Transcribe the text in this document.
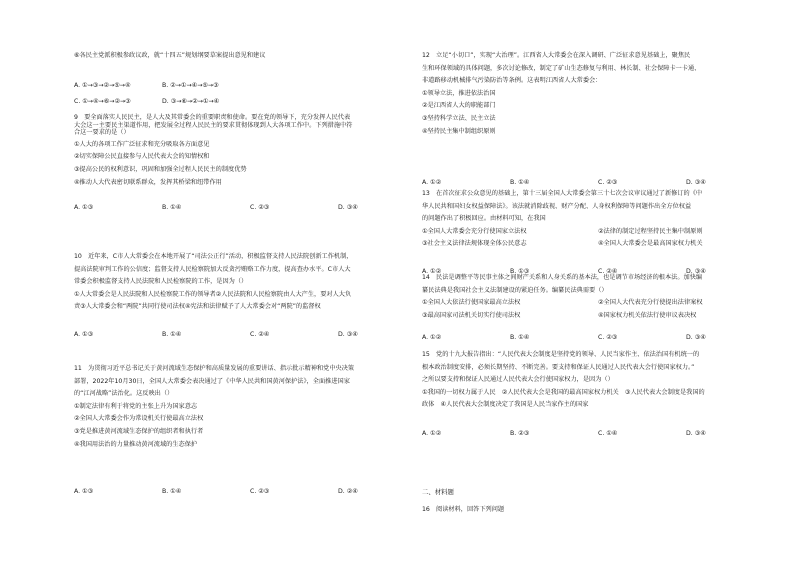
⑥各民主党派积极参政议政，就“十四五”规划纲要草案提出意见和建议
A. ①→③→②→⑤→④	B. ②→①→④→⑤→③
C. ①→④→⑥→②→③	D. ③→⑥→②→①→④
9　要全面落实人民民主，是人大及其常委会的重要职责和使命。要在党的领导下，充分发挥人民代表
大会这一主要民主渠道作用，把发展全过程人民民主的要求贯彻体现到人大各项工作中。下列措施中符
合这一要求的是（）
①人大的各项工作广泛征求和充分吸取各方面意见
②切实保障公民直接参与人民代表大会的知情权和
③提高公民的权利意识，巩固和加强全过程人民民主的制度优势
④推动人大代表密切联系群众，发挥其桥梁和纽带作用
A. ①③	B. ①④	C. ②③	D. ③④
10　近年来，C市人大常委会在本地开展了“司法公正行”活动，积极监督支持人民法院创新工作机制，
提高法院审判工作的公信度；监督支持人民检察院加大反贪污贿赂工作力度，提高查办水平。C市人大
常委会积极监督支持人民法院和人民检察院的工作，是因为（）
①人大常委会是人民法院和人民检察院工作的领导者②人民法院和人民检察院由人大产生，要对人大负
责③人大常委会和“两院”共同行使司法权④宪法和法律赋予了人大常委会对“两院”的监督权
A. ①③	B. ①④	C. ②④	D. ③④
11　为贯彻习近平总书记关于黄河流域生态保护和高质量发展的重要讲话、指示批示精神和党中央决策
部署，2022年10月30日，全国人大常委会表决通过了《中华人民共和国黄河保护法》，全面推进国家
的“江河战略”法治化。这反映出（）
①制定法律有利于将党的主张上升为国家意志
②全国人大常委会作为常设机关行使最高立法权
③党是推进黄河流域生态保护的组织者和执行者
④我国用法治的力量推动黄河流域的生态保护
A. ①③	B. ①④	C. ②③	D. ②④
12　立足“小切口”，实现“大治理”。江西省人大常委会在深入调研、广泛征求意见基础上，聚焦民
生和环保领域的具体问题，多次讨论修改，制定了矿山生态修复与利用、林长制、社会保障卡一卡通、
非道路移动机械排气污染防治等条例。这表明江西省人大常委会：
①领导立法，推进依法治国
②是江西省人大的职能部门
③坚持科学立法、民主立法
④坚持民主集中制组织原则
A. ①②	B. ①④	C. ②③	D. ③④
13　在首次征求公众意见的基础上，第十三届全国人大常委会第三十七次会议审议通过了新修订的《中
华人民共和国妇女权益保障法》。该法就消除歧视、财产分配、人身权利保障等问题作出全方位权益
的问题作出了积极回应。由材料可知，在我国
①全国人大常委会充分行使国家立法权	②法律的制定过程坚持民主集中制原则
③社会主义法律法规体现全体公民意志	④全国人大常委会是最高国家权力机关
A. ①②	B. ①③	C. ②④	D. ③④
14　民法是调整平等民事主体之间财产关系和人身关系的基本法，也是调节市场经济的根本法。加快编
纂民法典是我国社会主义法制建设的紧迫任务。编纂民法典需要（）
①全国人大依法行使国家最高立法权	②全国人大代表充分行使提出法律案权
③最高国家司法机关切实行使司法权	④国家权力机关依法行使审议表决权
A. ①②	B. ①④	C. ②③	D. ③④
15　党的十九大报告指出：“人民代表大会制度是坚持党的领导、人民当家作主、依法治国有机统一的
根本政治制度安排，必须长期坚持、不断完善。要支持和保证人民通过人民代表大会行使国家权力。”
之所以要支持和保证人民通过人民代表大会行使国家权力，是因为（）
①我国的一切权力属于人民　②人民代表大会是我国的最高国家权力机关　③人民代表大会制度是我国的
政体　④人民代表大会制度决定了我国是人民当家作主的国家
A. ①②	B. ②③	C. ①④	D. ③④
二、材料题
16　阅读材料，回答下列问题
